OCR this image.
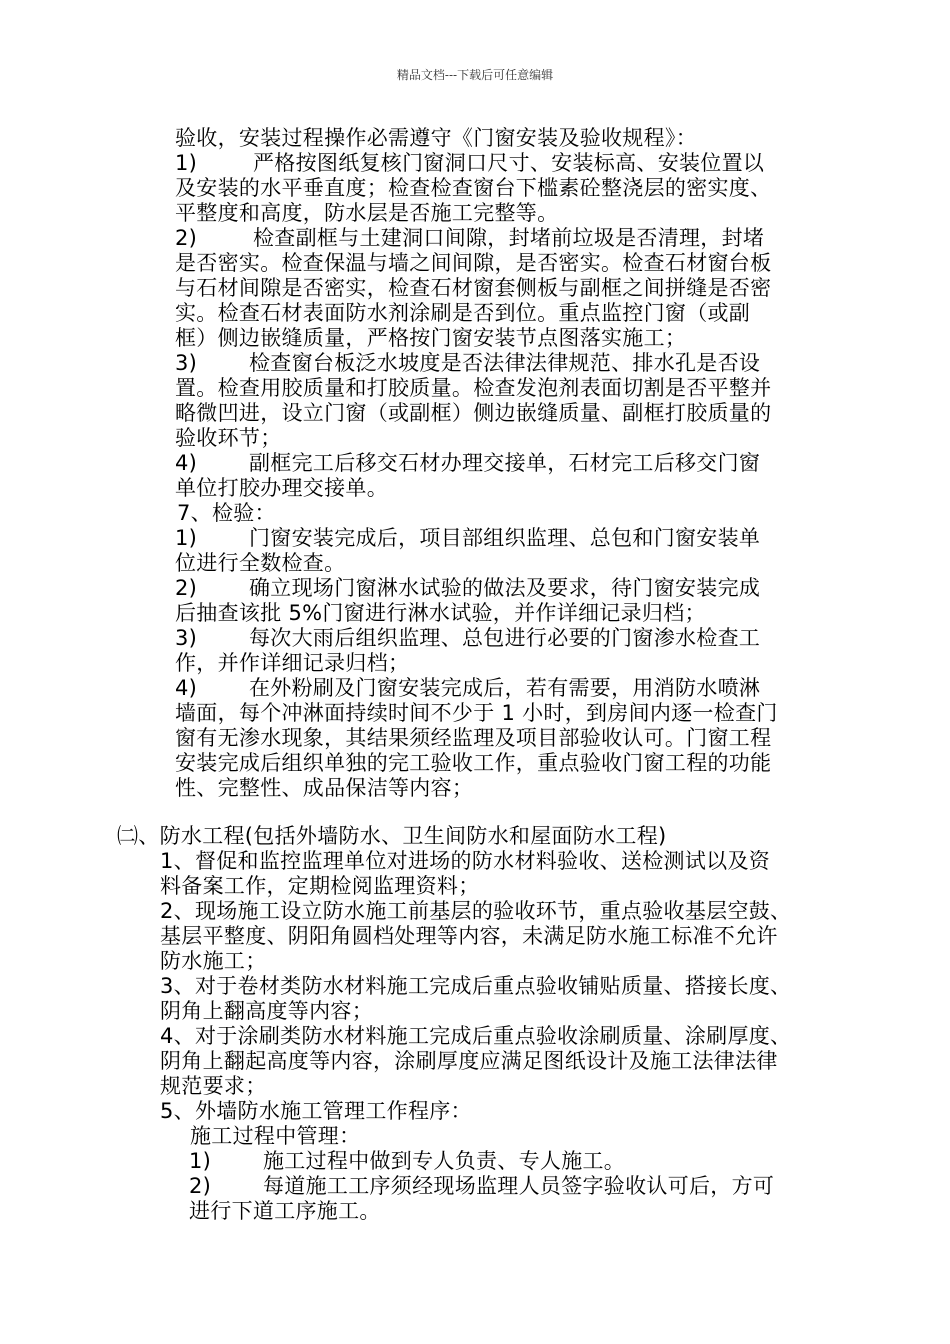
精品文档---下载后可任意编辑
验收，安装过程操作必需遵守《门窗安装及验收规程》：
1)	严格按图纸复核门窗洞口尺寸、安装标高、安装位置以
及安装的水平垂直度；检查检查窗台下槛素砼整浇层的密实度、
平整度和高度，防水层是否施工完整等。
2)	检查副框与土建洞口间隙，封堵前垃圾是否清理，封堵
是否密实。检查保温与墙之间间隙，是否密实。检查石材窗台板
与石材间隙是否密实，检查石材窗套侧板与副框之间拼缝是否密
实。检查石材表面防水剂涂刷是否到位。重点监控门窗（或副
框）侧边嵌缝质量，严格按门窗安装节点图落实施工；
3) 检查窗台板泛水坡度是否法律法律规范、排水孔是否设
置。检查用胶质量和打胶质量。检查发泡剂表面切割是否平整并
略微凹进，设立门窗（或副框）侧边嵌缝质量、副框打胶质量的
验收环节；
4) 副框完工后移交石材办理交接单，石材完工后移交门窗
单位打胶办理交接单。
7、检验：
1) 门窗安装完成后，项目部组织监理、总包和门窗安装单
位进行全数检查。
2) 确立现场门窗淋水试验的做法及要求，待门窗安装完成
后抽查该批 5%门窗进行淋水试验，并作详细记录归档；
3) 每次大雨后组织监理、总包进行必要的门窗渗水检查工
作，并作详细记录归档；
4) 在外粉刷及门窗安装完成后，若有需要，用消防水喷淋
墙面，每个冲淋面持续时间不少于 1 小时，到房间内逐一检查门
窗有无渗水现象，其结果须经监理及项目部验收认可。门窗工程
安装完成后组织单独的完工验收工作，重点验收门窗工程的功能
性、完整性、成品保洁等内容；
㈡、防水工程(包括外墙防水、卫生间防水和屋面防水工程)
1、督促和监控监理单位对进场的防水材料验收、送检测试以及资
料备案工作，定期检阅监理资料；
2、现场施工设立防水施工前基层的验收环节，重点验收基层空鼓、
基层平整度、阴阳角圆档处理等内容，未满足防水施工标准不允许
防水施工；
3、对于卷材类防水材料施工完成后重点验收铺贴质量、搭接长度、
阴角上翻高度等内容；
4、对于涂刷类防水材料施工完成后重点验收涂刷质量、涂刷厚度、
阴角上翻起高度等内容，涂刷厚度应满足图纸设计及施工法律法律
规范要求；
5、外墙防水施工管理工作程序：
施工过程中管理：
1) 施工过程中做到专人负责、专人施工。
2) 每道施工工序须经现场监理人员签字验收认可后，方可
进行下道工序施工。
